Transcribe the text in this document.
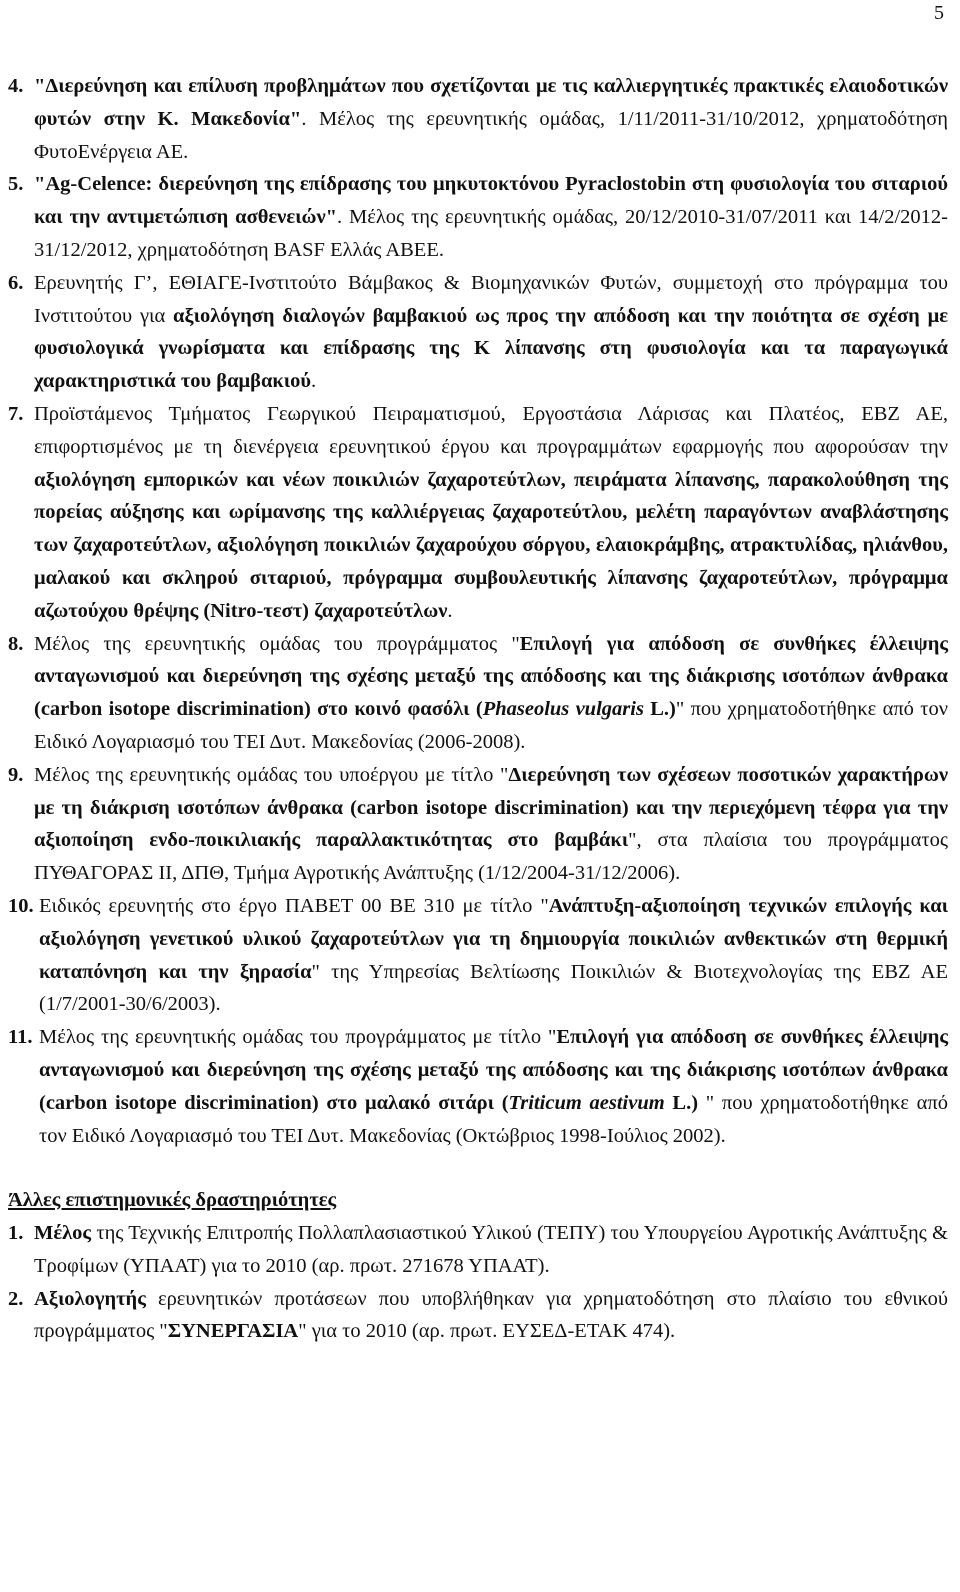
5
4. "Διερεύνηση και επίλυση προβλημάτων που σχετίζονται με τις καλλιεργητικές πρακτικές ελαιοδοτικών φυτών στην Κ. Μακεδονία". Μέλος της ερευνητικής ομάδας, 1/11/2011-31/10/2012, χρηματοδότηση ΦυτοΕνέργεια ΑΕ.
5. "Ag-Celence: διερεύνηση της επίδρασης του μηκυτοκτόνου Pyraclostobin στη φυσιολογία του σιταριού και την αντιμετώπιση ασθενειών". Μέλος της ερευνητικής ομάδας, 20/12/2010-31/07/2011 και 14/2/2012-31/12/2012, χρηματοδότηση BASF Ελλάς ΑΒΕΕ.
6. Ερευνητής Γ’, ΕΘΙΑΓΕ-Ινστιτούτο Βάμβακος & Βιομηχανικών Φυτών, συμμετοχή στο πρόγραμμα του Ινστιτούτου για αξιολόγηση διαλογών βαμβακιού ως προς την απόδοση και την ποιότητα σε σχέση με φυσιολογικά γνωρίσματα και επίδρασης της Κ λίπανσης στη φυσιολογία και τα παραγωγικά χαρακτηριστικά του βαμβακιού.
7. Προϊστάμενος Τμήματος Γεωργικού Πειραματισμού, Εργοστάσια Λάρισας και Πλατέος, ΕΒΖ ΑΕ, επιφορτισμένος με τη διενέργεια ερευνητικού έργου και προγραμμάτων εφαρμογής που αφορούσαν την αξιολόγηση εμπορικών και νέων ποικιλιών ζαχαροτεύτλων, πειράματα λίπανσης, παρακολούθηση της πορείας αύξησης και ωρίμανσης της καλλιέργειας ζαχαροτεύτλου, μελέτη παραγόντων αναβλάστησης των ζαχαροτεύτλων, αξιολόγηση ποικιλιών ζαχαρούχου σόργου, ελαιοκράμβης, ατρακτυλίδας, ηλιάνθου, μαλακού και σκληρού σιταριού, πρόγραμμα συμβουλευτικής λίπανσης ζαχαροτεύτλων, πρόγραμμα αζωτούχου θρέψης (Nitro-τεστ) ζαχαροτεύτλων.
8. Μέλος της ερευνητικής ομάδας του προγράμματος "Επιλογή για απόδοση σε συνθήκες έλλειψης ανταγωνισμού και διερεύνηση της σχέσης μεταξύ της απόδοσης και της διάκρισης ισοτόπων άνθρακα (carbon isotope discrimination) στο κοινό φασόλι (Phaseolus vulgaris L.)" που χρηματοδοτήθηκε από τον Ειδικό Λογαριασμό του ΤΕΙ Δυτ. Μακεδονίας (2006-2008).
9. Μέλος της ερευνητικής ομάδας του υποέργου με τίτλο "Διερεύνηση των σχέσεων ποσοτικών χαρακτήρων με τη διάκριση ισοτόπων άνθρακα (carbon isotope discrimination) και την περιεχόμενη τέφρα για την αξιοποίηση ενδο-ποικιλιακής παραλλακτικότητας στο βαμβάκι", στα πλαίσια του προγράμματος ΠΥΘΑΓΟΡΑΣ ΙΙ, ΔΠΘ, Τμήμα Αγροτικής Ανάπτυξης (1/12/2004-31/12/2006).
10. Ειδικός ερευνητής στο έργο ΠΑΒΕΤ 00 ΒΕ 310 με τίτλο "Ανάπτυξη-αξιοποίηση τεχνικών επιλογής και αξιολόγηση γενετικού υλικού ζαχαροτεύτλων για τη δημιουργία ποικιλιών ανθεκτικών στη θερμική καταπόνηση και την ξηρασία" της Υπηρεσίας Βελτίωσης Ποικιλιών & Βιοτεχνολογίας της ΕΒΖ ΑΕ (1/7/2001-30/6/2003).
11. Μέλος της ερευνητικής ομάδας του προγράμματος με τίτλο "Επιλογή για απόδοση σε συνθήκες έλλειψης ανταγωνισμού και διερεύνηση της σχέσης μεταξύ της απόδοσης και της διάκρισης ισοτόπων άνθρακα (carbon isotope discrimination) στο μαλακό σιτάρι (Triticum aestivum L.) " που χρηματοδοτήθηκε από τον Ειδικό Λογαριασμό του ΤΕΙ Δυτ. Μακεδονίας (Οκτώβριος 1998-Ιούλιος 2002).
Άλλες επιστημονικές δραστηριότητες
1. Μέλος της Τεχνικής Επιτροπής Πολλαπλασιαστικού Υλικού (ΤΕΠΥ) του Υπουργείου Αγροτικής Ανάπτυξης & Τροφίμων (ΥΠΑΑΤ) για το 2010 (αρ. πρωτ. 271678 ΥΠΑΑΤ).
2. Αξιολογητής ερευνητικών προτάσεων που υποβλήθηκαν για χρηματοδότηση στο πλαίσιο του εθνικού προγράμματος "ΣΥΝΕΡΓΑΣΙΑ" για το 2010 (αρ. πρωτ. ΕΥΣΕΔ-ΕΤΑΚ 474).
